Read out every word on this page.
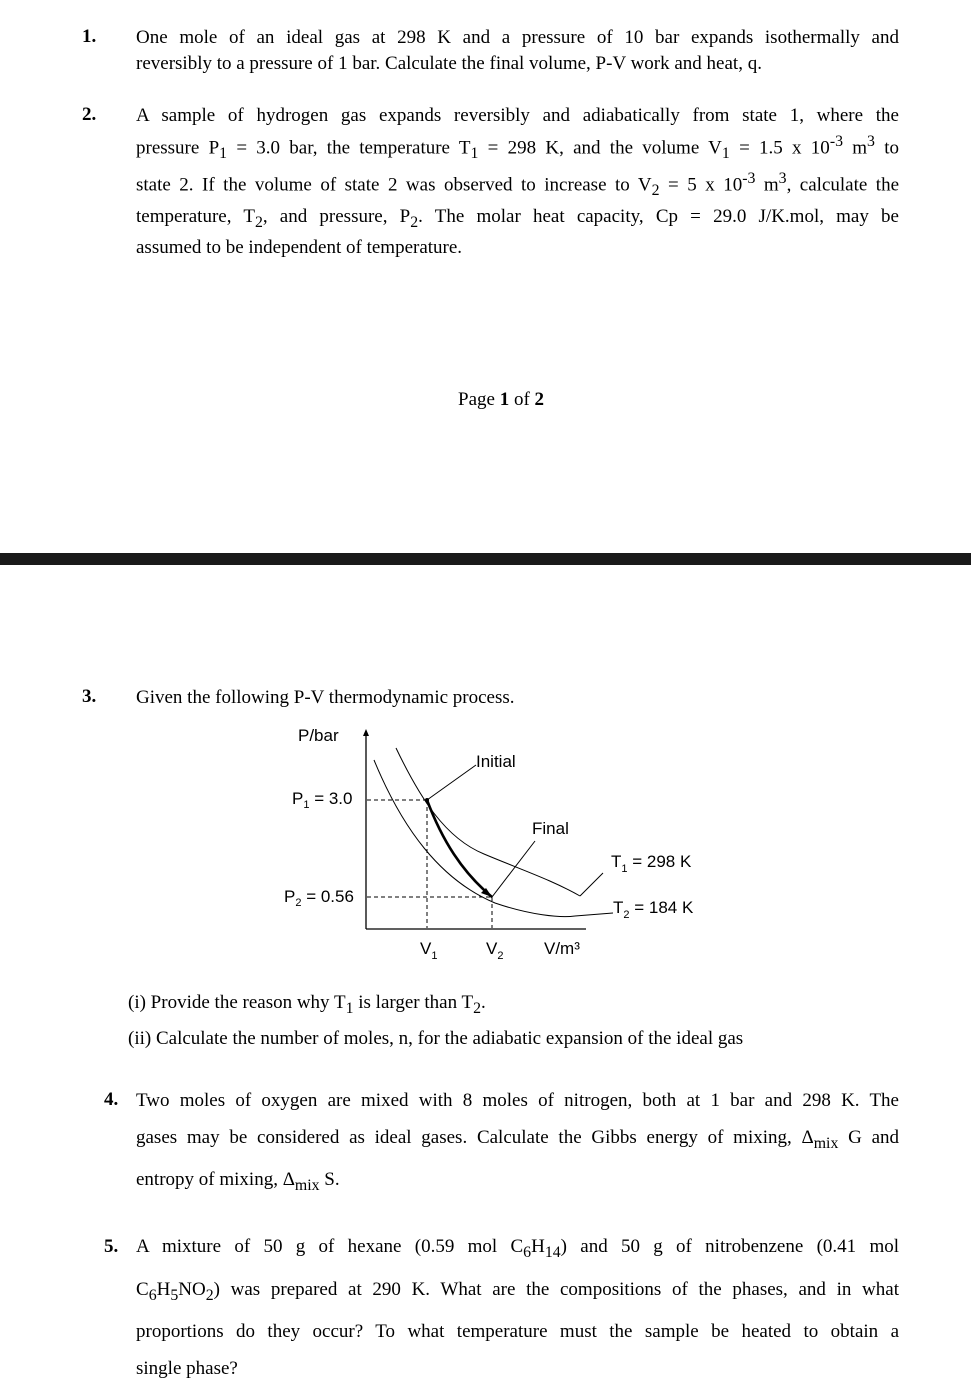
1. One mole of an ideal gas at 298 K and a pressure of 10 bar expands isothermally and
reversibly to a pressure of 1 bar. Calculate the final volume, P-V work and heat, q.
2. A sample of hydrogen gas expands reversibly and adiabatically from state 1, where the
pressure $P_1 = 3.0$ bar, the temperature $T_1 = 298$ K, and the volume $V_1 = 1.5$ x $10^{-3}$ $m^3$ to
state 2. If the volume of state 2 was observed to increase to $V_2 = 5$ x $10^{-3}$ $m^3$, calculate the
temperature, $T_2$, and pressure, $P_2$. The molar heat capacity, Cp = 29.0 J/K.mol, may be
assumed to be independent of temperature.
Page 1 of 2
3. Given the following P-V thermodynamic process.
P/bar
$P_1 = 3.0$
$P_2 = 0.56$
$V_1$	$V_2$ V/m³
Initial
Final
$T_1 = 298$ K
$T_2 = 184$ K
(i) Provide the reason why $T_1$ is larger than $T_2$.
(ii) Calculate the number of moles, n, for the adiabatic expansion of the ideal gas
4. Two moles of oxygen are mixed with 8 moles of nitrogen, both at 1 bar and 298 K. The
gases may be considered as ideal gases. Calculate the Gibbs energy of mixing, $\Delta_{mix}$ G and
entropy of mixing, $\Delta_{mix}$ S.
5. A mixture of 50 g of hexane (0.59 mol $C_6H_{14}$) and 50 g of nitrobenzene (0.41 mol
$C_6H_5NO_2$) was prepared at 290 K. What are the compositions of the phases, and in what
proportions do they occur? To what temperature must the sample be heated to obtain a
single phase?
